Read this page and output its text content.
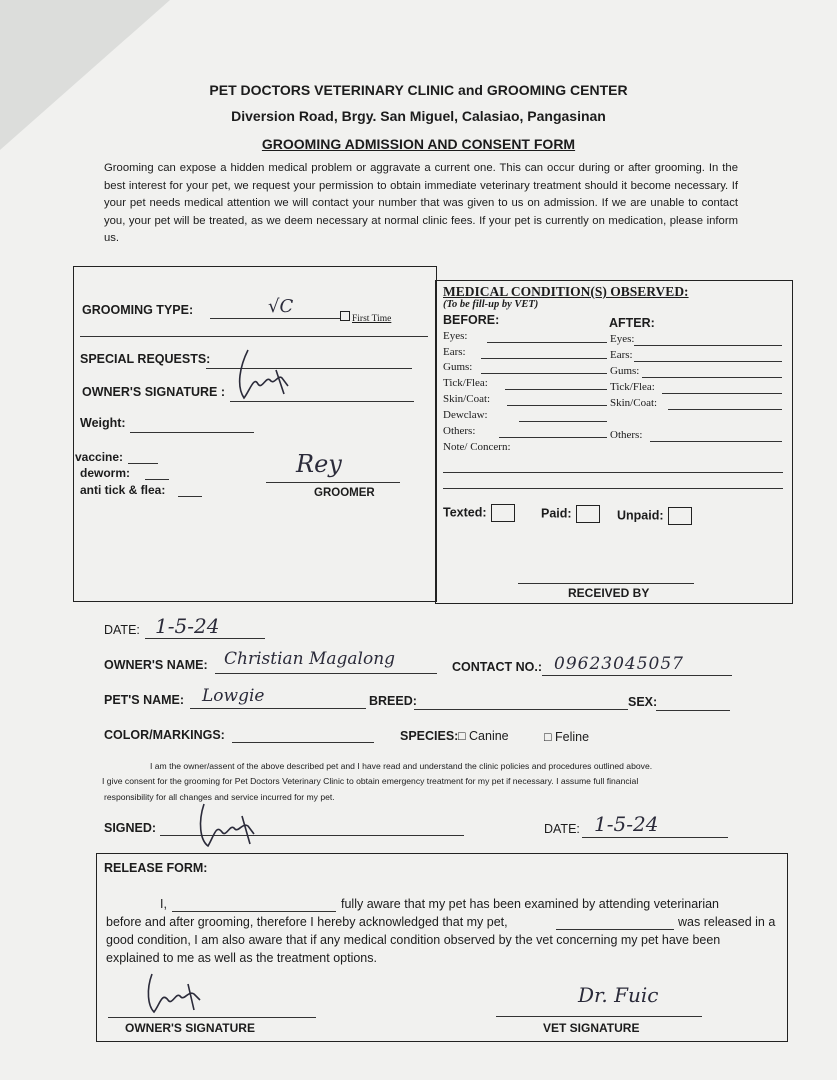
PET DOCTORS VETERINARY CLINIC and GROOMING CENTER
Diversion Road, Brgy. San Miguel, Calasiao, Pangasinan
GROOMING ADMISSION AND CONSENT FORM
Grooming can expose a hidden medical problem or aggravate a current one. This can occur during or after grooming. In the best interest for your pet, we request your permission to obtain immediate veterinary treatment should it become necessary. If your pet needs medical attention we will contact your number that was given to us on admission. If we are unable to contact you, your pet will be treated, as we deem necessary at normal clinic fees. If your pet is currently on medication, please inform us.
GROOMING TYPE:	√C
First Time
SPECIAL REQUESTS:
OWNER'S SIGNATURE :
Weight:
vaccine:
deworm:
anti tick & flea:
Rey
GROOMER
MEDICAL CONDITION(S) OBSERVED:
(To be fill-up by VET)
BEFORE:	AFTER:
Eyes:
Ears:
Gums:
Tick/Flea:
Skin/Coat:
Dewclaw:
Others:
Note/ Concern:
Eyes:
Ears:
Gums:
Tick/Flea:
Skin/Coat:
Others:
Texted:	Paid:	Unpaid:
RECEIVED BY
DATE: 1-5-24
OWNER'S NAME: Christian Magalong	CONTACT NO.: 09623045057
PET'S NAME: Lowgie	BREED:	SEX:
COLOR/MARKINGS:	SPECIES: □ Canine	□ Feline
I am the owner/assent of the above described pet and I have read and understand the clinic policies and procedures outlined above.
I give consent for the grooming for Pet Doctors Veterinary Clinic to obtain emergency treatment for my pet if necessary. I assume full financial
responsibility for all changes and service incurred for my pet.
SIGNED:	DATE: 1-5-24
RELEASE FORM:
I,	fully aware that my pet has been examined by attending veterinarian
before and after grooming, therefore I hereby acknowledged that my pet,	was released in a
good condition, I am also aware that if any medical condition observed by the vet concerning my pet have been
explained to me as well as the treatment options.
OWNER'S SIGNATURE
Dr. Fuic
VET SIGNATURE
